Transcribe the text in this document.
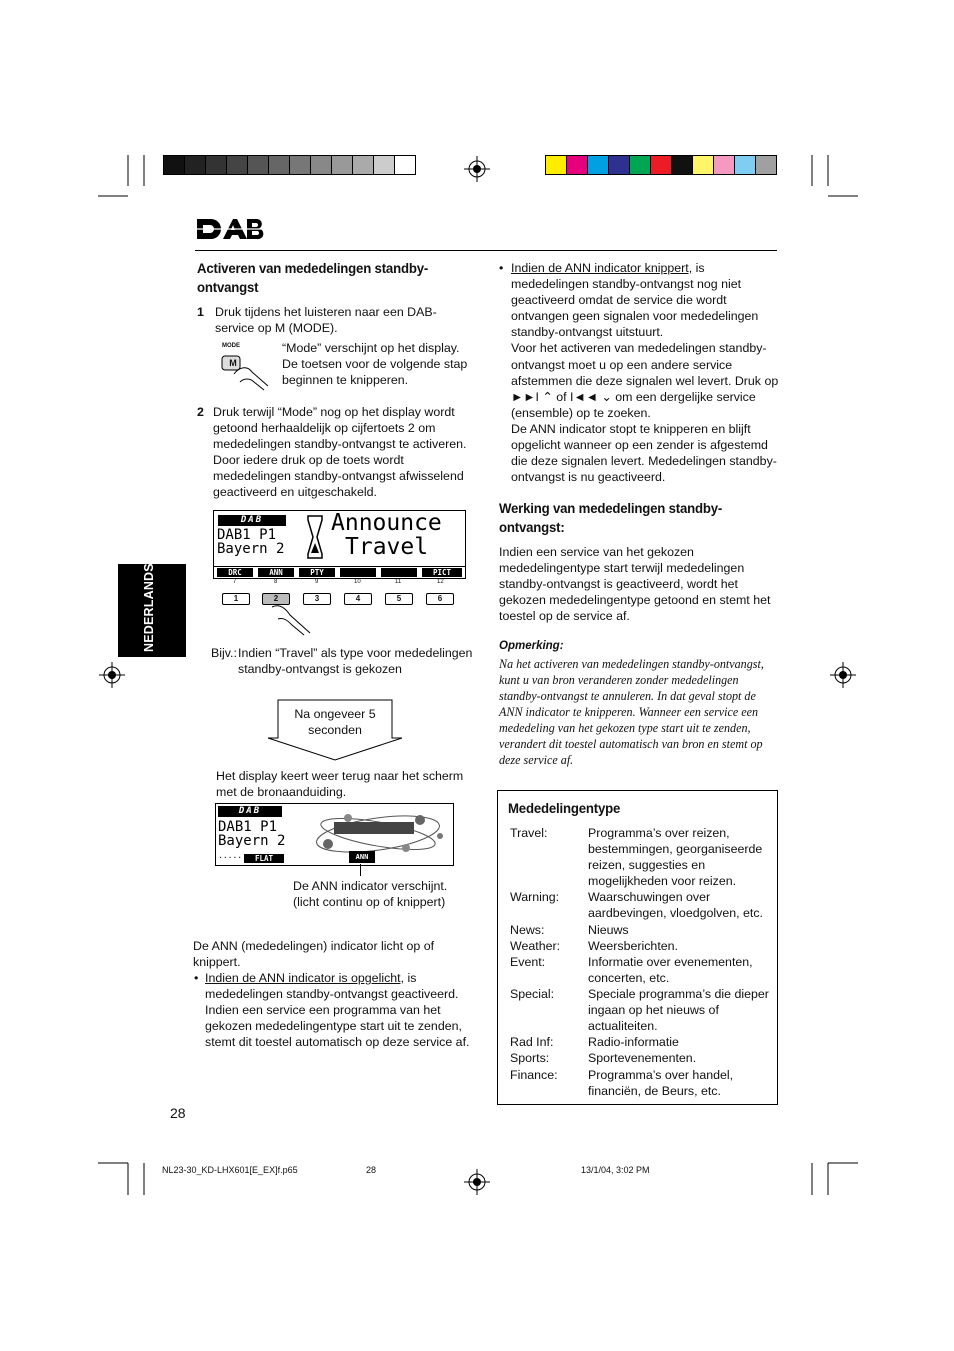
NEDERLANDS
Activeren van mededelingen standby-ontvangst
1 Druk tijdens het luisteren naar een DAB-service op M (MODE).
MODE
M
“Mode” verschijnt op het display. De toetsen voor de volgende stap beginnen te knipperen.
2 Druk terwijl “Mode” nog op het display wordt getoond herhaaldelijk op cijfertoets 2 om mededelingen standby-ontvangst te activeren. Door iedere druk op de toets wordt mededelingen standby-ontvangst afwisselend geactiveerd en uitgeschakeld.
DAB
DAB1 P1
Bayern 2
Announce
Travel
DRC	ANN	PTY	PICT
7	8	9	10	11	12
1	2	3	4	5	6
Bijv.: Indien “Travel” als type voor mededelingen standby-ontvangst is gekozen
Na ongeveer 5 seconden
Het display keert weer terug naar het scherm met de bronaanduiding.
DAB
DAB1 P1
Bayern 2
·····	FLAT	ANN
De ANN indicator verschijnt. (licht continu op of knippert)
De ANN (mededelingen) indicator licht op of knippert.
• Indien de ANN indicator is opgelicht, is mededelingen standby-ontvangst geactiveerd. Indien een service een programma van het gekozen mededelingentype start uit te zenden, stemt dit toestel automatisch op deze service af.
28
• Indien de ANN indicator knippert, is mededelingen standby-ontvangst nog niet geactiveerd omdat de service die wordt ontvangen geen signalen voor mededelingen standby-ontvangst uitstuurt.
Voor het activeren van mededelingen standby-ontvangst moet u op een andere service afstemmen die deze signalen wel levert. Druk op ►►I ⌃ of I◄◄ ⌄ om een dergelijke service (ensemble) op te zoeken.
De ANN indicator stopt te knipperen en blijft opgelicht wanneer op een zender is afgestemd die deze signalen levert. Mededelingen standby-ontvangst is nu geactiveerd.
Werking van mededelingen standby-ontvangst:
Indien een service van het gekozen mededelingentype start terwijl mededelingen standby-ontvangst is geactiveerd, wordt het gekozen mededelingentype getoond en stemt het toestel op de service af.
Opmerking:
Na het activeren van mededelingen standby-ontvangst, kunt u van bron veranderen zonder mededelingen standby-ontvangst te annuleren. In dat geval stopt de ANN indicator te knipperen. Wanneer een service een mededeling van het gekozen type start uit te zenden, verandert dit toestel automatisch van bron en stemt op deze service af.
Mededelingentype
Travel:	Programma’s over reizen, bestemmingen, georganiseerde reizen, suggesties en mogelijkheden voor reizen.
Warning:	Waarschuwingen over aardbevingen, vloedgolven, etc.
News:	Nieuws
Weather:	Weersberichten.
Event:	Informatie over evenementen, concerten, etc.
Special:	Speciale programma’s die dieper ingaan op het nieuws of actualiteiten.
Rad Inf:	Radio-informatie
Sports:	Sportevenementen.
Finance:	Programma’s over handel, financiën, de Beurs, etc.
NL23-30_KD-LHX601[E_EX]f.p65	28	13/1/04, 3:02 PM
